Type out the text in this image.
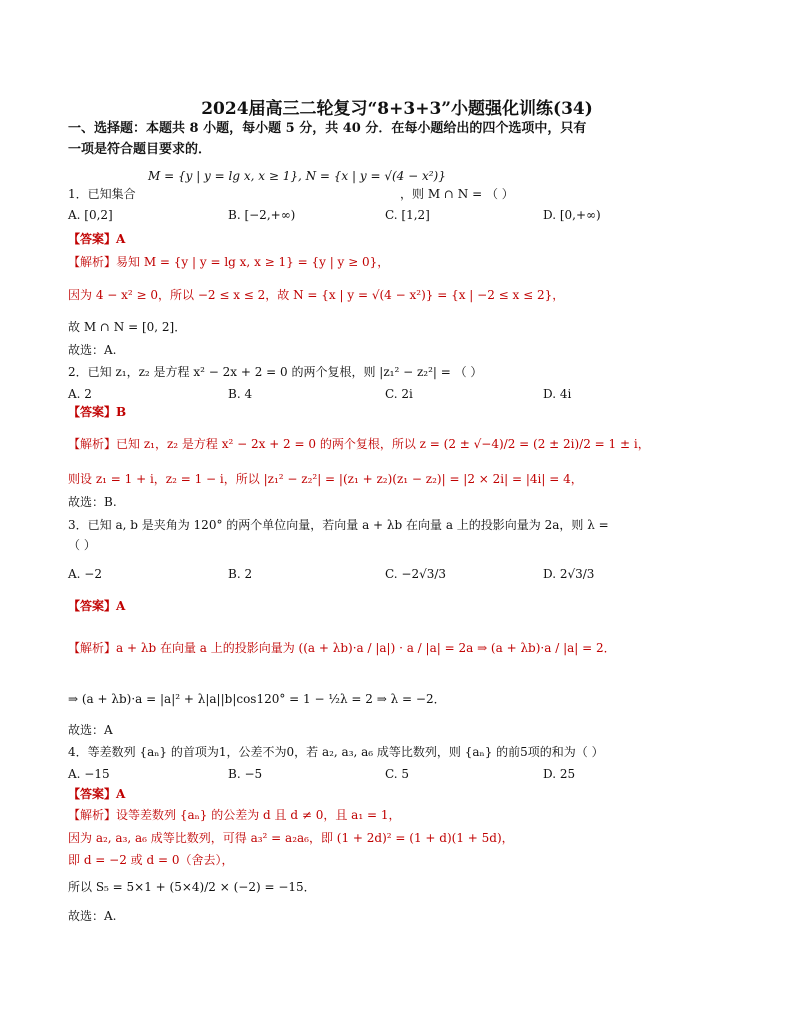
2024届高三二轮复习“8+3+3”小题强化训练(34)
一、选择题：本题共 8 小题，每小题 5 分，共 40 分．在每小题给出的四个选项中，只有
一项是符合题目要求的．
M = {y | y = lg x, x ≥ 1}, N = {x | y = √(4 − x²)}
1．已知集合	，则 M ∩ N = （ ）
A. [0,2]	B. [−2,+∞)	C. [1,2]	D. [0,+∞)
【答案】A
【解析】易知 M = {y | y = lg x, x ≥ 1} = {y | y ≥ 0}，
因为 4 − x² ≥ 0，所以 −2 ≤ x ≤ 2，故 N = {x | y = √(4 − x²)} = {x | −2 ≤ x ≤ 2}，
故 M ∩ N = [0, 2]．
故选：A.
2．已知 z₁，z₂ 是方程 x² − 2x + 2 = 0 的两个复根，则 |z₁² − z₂²| = （ ）
A. 2	B. 4	C. 2i	D. 4i
【答案】B
【解析】已知 z₁，z₂ 是方程 x² − 2x + 2 = 0 的两个复根，所以 z = (2 ± √−4)/2 = (2 ± 2i)/2 = 1 ± i，
则设 z₁ = 1 + i，z₂ = 1 − i，所以 |z₁² − z₂²| = |(z₁ + z₂)(z₁ − z₂)| = |2 × 2i| = |4i| = 4，
故选：B.
3．已知 a, b 是夹角为 120° 的两个单位向量，若向量 a + λb 在向量 a 上的投影向量为 2a，则 λ =
（ ）
A. −2	B. 2	C. −2√3/3	D. 2√3/3
【答案】A
【解析】a + λb 在向量 a 上的投影向量为 ((a + λb)·a / |a|) · a / |a| = 2a ⇒ (a + λb)·a / |a| = 2．
⇒ (a + λb)·a = |a|² + λ|a||b|cos120° = 1 − ½λ = 2 ⇒ λ = −2．
故选：A
4．等差数列 {aₙ} 的首项为1，公差不为0，若 a₂, a₃, a₆ 成等比数列，则 {aₙ} 的前5项的和为（ ）
A. −15	B. −5	C. 5	D. 25
【答案】A
【解析】设等差数列 {aₙ} 的公差为 d 且 d ≠ 0，且 a₁ = 1，
因为 a₂, a₃, a₆ 成等比数列，可得 a₃² = a₂a₆，即 (1 + 2d)² = (1 + d)(1 + 5d)，
即 d = −2 或 d = 0（舍去），
所以 S₅ = 5×1 + (5×4)/2 × (−2) = −15．
故选：A.
